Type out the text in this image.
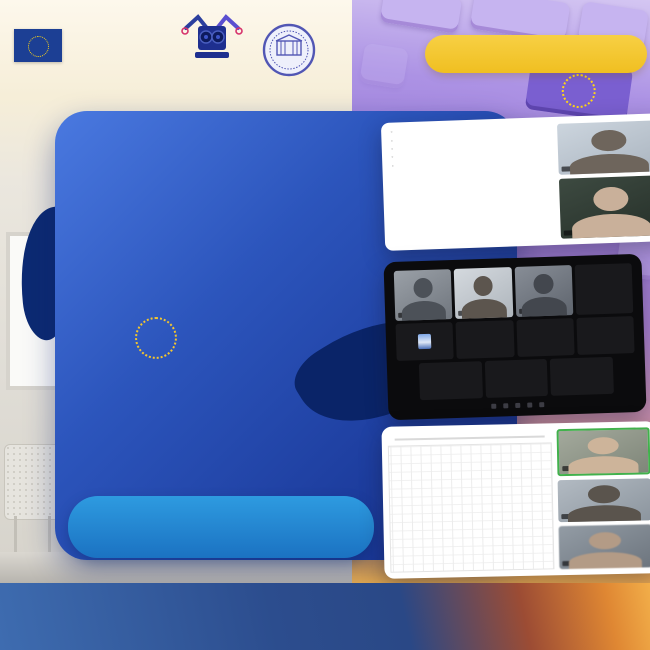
◦
◦
◦
◦
◦
